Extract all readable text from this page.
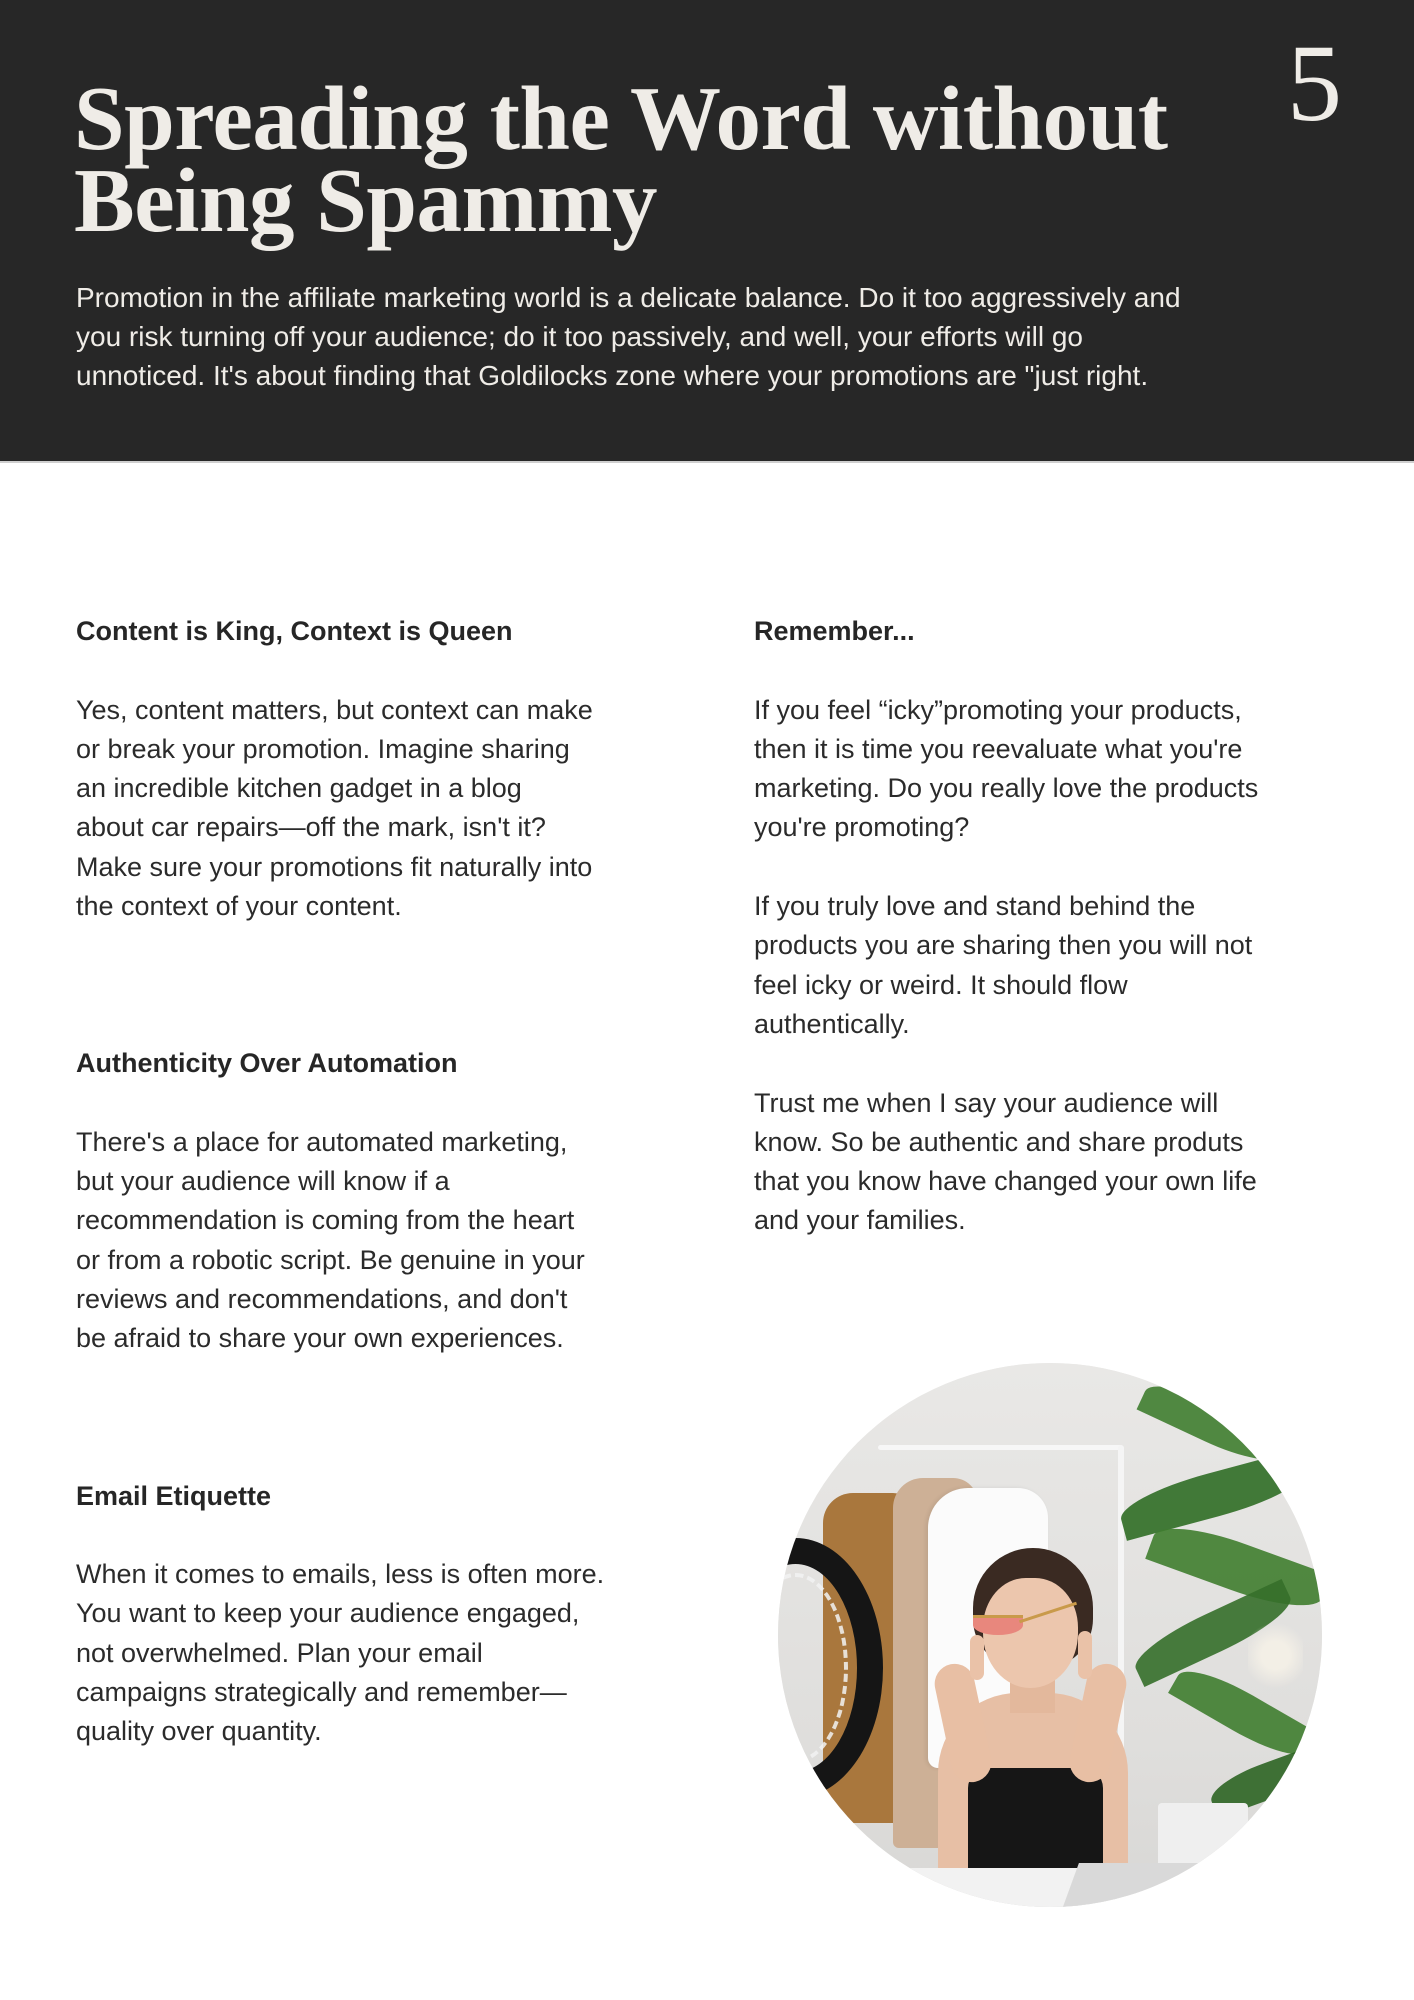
Spreading the Word without
Being Spammy
5

Promotion in the affiliate marketing world is a delicate balance. Do it too aggressively and
you risk turning off your audience; do it too passively, and well, your efforts will go
unnoticed. It's about finding that Goldilocks zone where your promotions are "just right.

Content is King, Context is Queen
Yes, content matters, but context can make
or break your promotion. Imagine sharing
an incredible kitchen gadget in a blog
about car repairs—off the mark, isn't it?
Make sure your promotions fit naturally into
the context of your content.
Authenticity Over Automation
There's a place for automated marketing,
but your audience will know if a
recommendation is coming from the heart
or from a robotic script. Be genuine in your
reviews and recommendations, and don't
be afraid to share your own experiences.
Email Etiquette
When it comes to emails, less is often more.
You want to keep your audience engaged,
not overwhelmed. Plan your email
campaigns strategically and remember—
quality over quantity.
Remember...
If you feel “icky”promoting your products,
then it is time you reevaluate what you're
marketing. Do you really love the products
you're promoting?
If you truly love and stand behind the
products you are sharing then you will not
feel icky or weird. It should flow
authentically.
Trust me when I say your audience will
know. So be authentic and share produts
that you know have changed your own life
and your families.
